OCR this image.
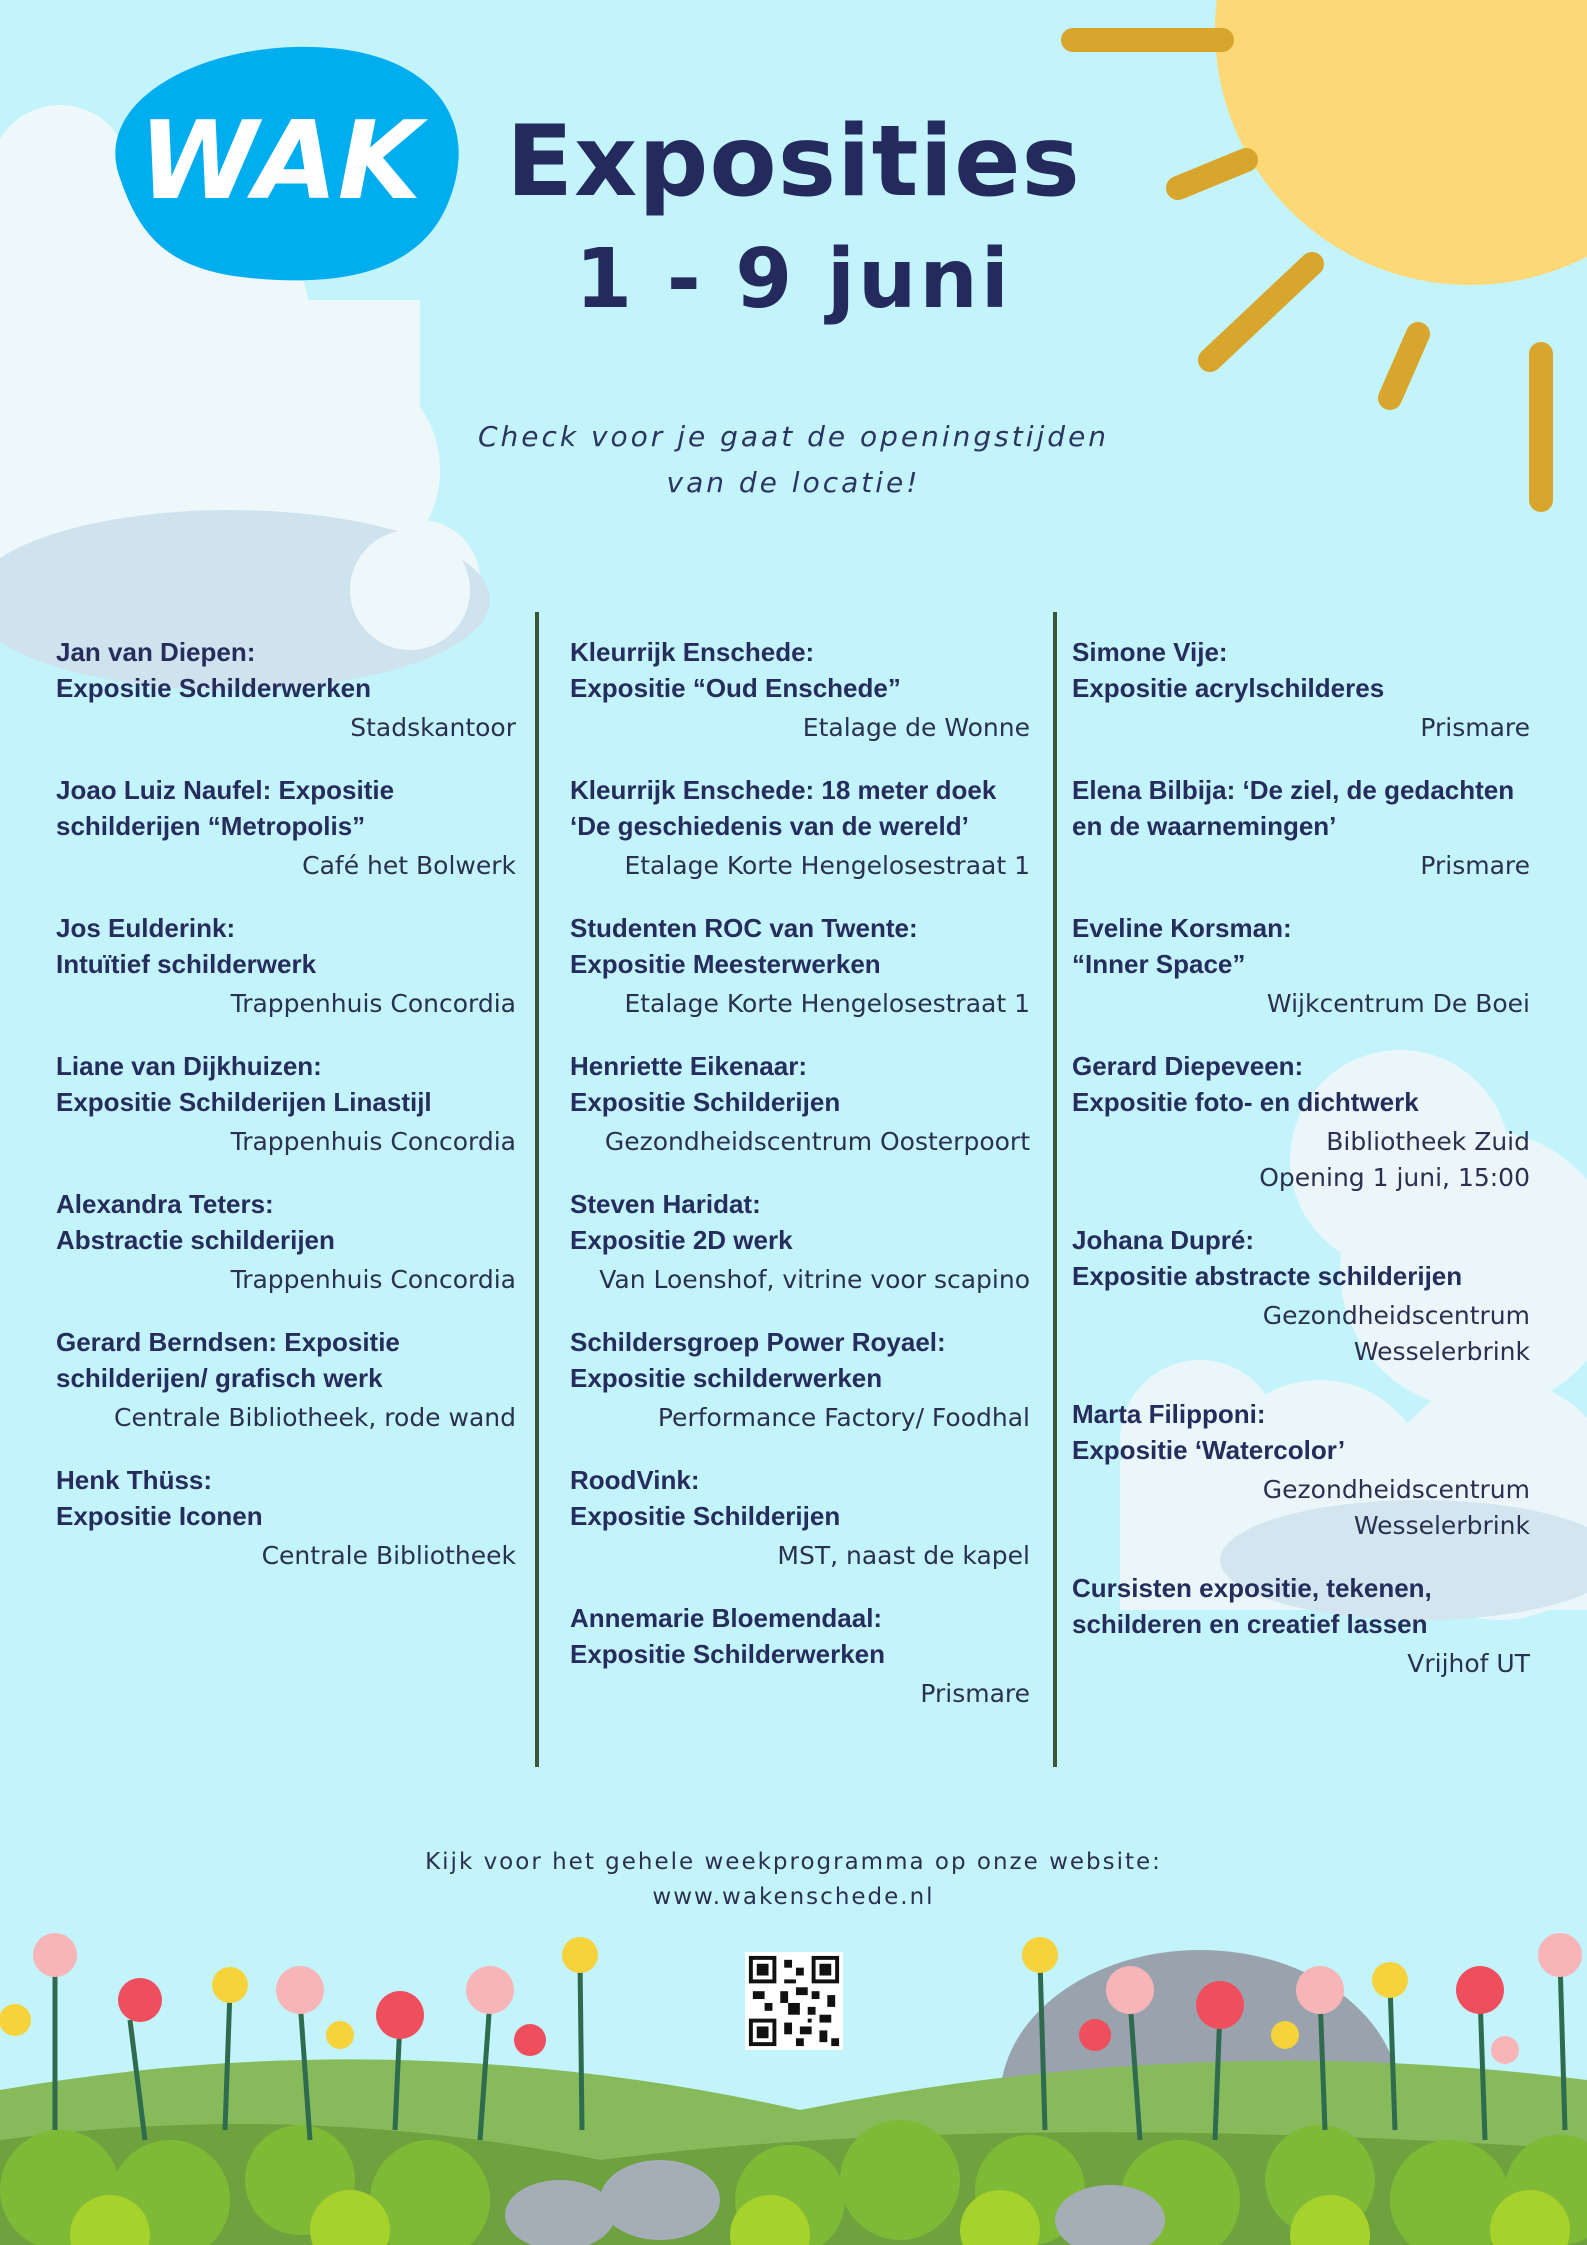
WAK Exposities
1 - 9 juni
Check voor je gaat de openingstijden
van de locatie!
Jan van Diepen:
Expositie Schilderwerken
Stadskantoor
Joao Luiz Naufel: Expositie
schilderijen “Metropolis”
Café het Bolwerk
Jos Eulderink:
Intuïtief schilderwerk
Trappenhuis Concordia
Liane van Dijkhuizen:
Expositie Schilderijen Linastijl
Trappenhuis Concordia
Alexandra Teters:
Abstractie schilderijen
Trappenhuis Concordia
Gerard Berndsen: Expositie
schilderijen/ grafisch werk
Centrale Bibliotheek, rode wand
Henk Thüss:
Expositie Iconen
Centrale Bibliotheek
Kleurrijk Enschede:
Expositie “Oud Enschede”
Etalage de Wonne
Kleurrijk Enschede: 18 meter doek
‘De geschiedenis van de wereld’
Etalage Korte Hengelosestraat 1
Studenten ROC van Twente:
Expositie Meesterwerken
Etalage Korte Hengelosestraat 1
Henriette Eikenaar:
Expositie Schilderijen
Gezondheidscentrum Oosterpoort
Steven Haridat:
Expositie 2D werk
Van Loenshof, vitrine voor scapino
Schildersgroep Power Royael:
Expositie schilderwerken
Performance Factory/ Foodhal
RoodVink:
Expositie Schilderijen
MST, naast de kapel
Annemarie Bloemendaal:
Expositie Schilderwerken
Prismare
Simone Vije:
Expositie acrylschilderes
Prismare
Elena Bilbija: ‘De ziel, de gedachten
en de waarnemingen’
Prismare
Eveline Korsman:
“Inner Space”
Wijkcentrum De Boei
Gerard Diepeveen:
Expositie foto- en dichtwerk
Bibliotheek Zuid
Opening 1 juni, 15:00
Johana Dupré:
Expositie abstracte schilderijen
Gezondheidscentrum
Wesselerbrink
Marta Filipponi:
Expositie ‘Watercolor’
Gezondheidscentrum
Wesselerbrink
Cursisten expositie, tekenen,
schilderen en creatief lassen
Vrijhof UT
Kijk voor het gehele weekprogramma op onze website:
www.wakenschede.nl
